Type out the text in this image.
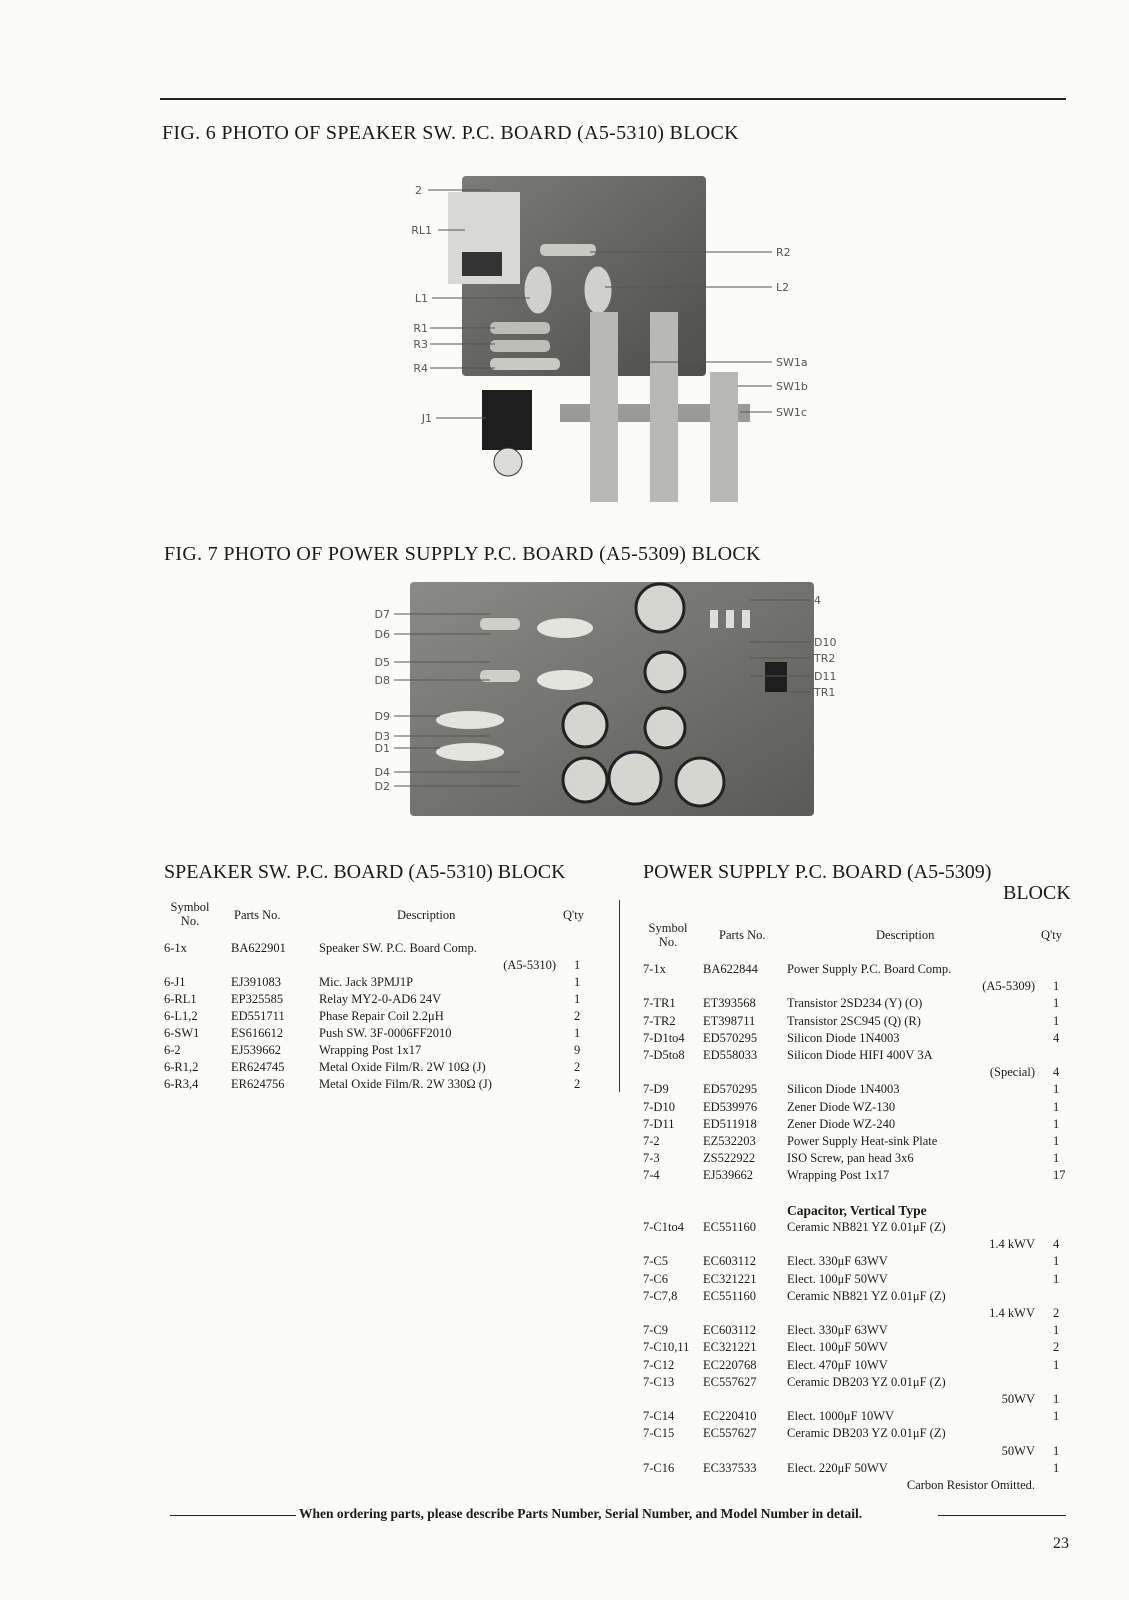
FIG. 6 PHOTO OF SPEAKER SW. P.C. BOARD (A5-5310) BLOCK
2
RL1
L1
R1
R3
R4
J1
R2
L2
SW1a
SW1b
SW1c
FIG. 7 PHOTO OF POWER SUPPLY P.C. BOARD (A5-5309) BLOCK
D7
D6
D5
D8
D9
D3
D1
D4
D2
4
D10
TR2
D11
TR1
SPEAKER SW. P.C. BOARD (A5-5310) BLOCK	POWER SUPPLY P.C. BOARD (A5-5309)
BLOCK
Symbol No.	Parts No.	Description	Q'ty
6-1x	BA622901	Speaker SW. P.C. Board Comp.
(A5-5310) 1
6-J1	EJ391083	Mic. Jack 3PMJ1P	1
6-RL1	EP325585	Relay MY2-0-AD6 24V	1
6-L1,2	ED551711	Phase Repair Coil 2.2μH	2
6-SW1	ES616612	Push SW. 3F-0006FF2010	1
6-2	EJ539662	Wrapping Post 1x17	9
6-R1,2	ER624745	Metal Oxide Film/R. 2W 10Ω (J)	2
6-R3,4	ER624756	Metal Oxide Film/R. 2W 330Ω (J)	2
Symbol No.	Parts No.	Description	Q'ty
7-1x	BA622844 Power Supply P.C. Board Comp.
(A5-5309) 1
7-TR1 ET393568 Transistor 2SD234 (Y) (O)	1
7-TR2 ET398711	Transistor 2SC945 (Q) (R)	1
7-D1to4 ED570295 Silicon Diode 1N4003	4
7-D5to8 ED558033 Silicon Diode HIFI 400V 3A
(Special) 4
7-D9	ED570295 Silicon Diode 1N4003	1
7-D10 ED539976 Zener Diode WZ-130	1
7-D11 ED511918 Zener Diode WZ-240	1
7-2	EZ532203 Power Supply Heat-sink Plate	1
7-3	ZS522922	ISO Screw, pan head 3x6	1
7-4	EJ539662	Wrapping Post 1x17	17
Capacitor, Vertical Type
7-C1to4 EC551160 Ceramic NB821 YZ 0.01μF (Z)
1.4 kWV 4
7-C5	EC603112 Elect. 330μF 63WV	1
7-C6	EC321221 Elect. 100μF 50WV	1
7-C7,8 EC551160 Ceramic NB821 YZ 0.01μF (Z)
1.4 kWV 2
7-C9	EC603112 Elect. 330μF 63WV	1
7-C10,11 EC321221 Elect. 100μF 50WV	2
7-C12 EC220768 Elect. 470μF 10WV	1
7-C13 EC557627 Ceramic DB203 YZ 0.01μF (Z)
50WV 1
7-C14 EC220410 Elect. 1000μF 10WV	1
7-C15 EC557627 Ceramic DB203 YZ 0.01μF (Z)
50WV 1
7-C16 EC337533 Elect. 220μF 50WV	1
Carbon Resistor Omitted.
When ordering parts, please describe Parts Number, Serial Number, and Model Number in detail.
23
